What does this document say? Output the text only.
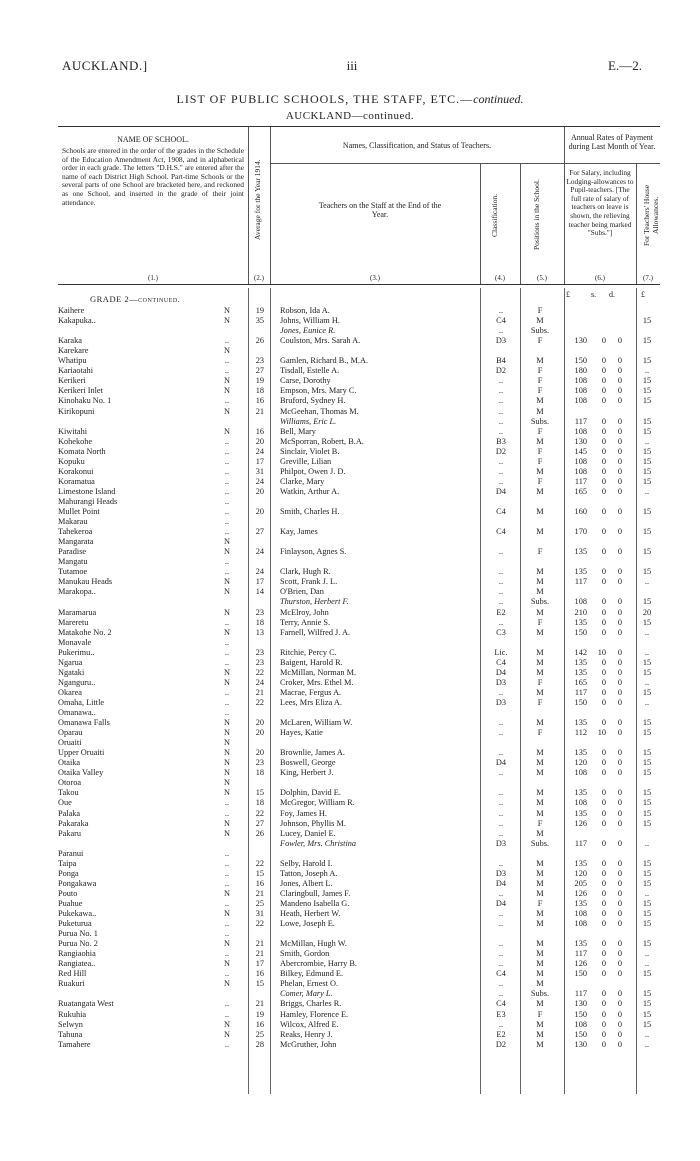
AUCKLAND.]	iii	E.—2.
LIST OF PUBLIC SCHOOLS, THE STAFF, ETC.—continued.
AUCKLAND—continued.
NAME OF SCHOOL.
Schools are entered in the order of the grades in the Schedule of the Education Amendment Act, 1908, and in alphabetical order in each grade. The letters "D.H.S." are entered after the name of each District High School. Part-time Schools or the several parts of one School are bracketed here, and reckoned as one School, and inserted in the grade of their joint attendance.
(1.)
Average for the Year 1914.
(2.)
Names, Classification, and Status of Teachers.
Teachers on the Staff at the End of the Year.
(3.)
Classification.
(4.)
Positions in the School.
(5.)
Annual Rates of Payment during Last Month of Year.
For Salary, including Lodging-allowances to Pupil-teachers. [The full rate of salary of teachers on leave is shown, the relieving teacher being marked "Subs."]
(6.)
For Teachers' House Allowances.
(7.)
GRADE 2—continued.	£	s. d.	£
Kaihere	N	19 Robson, Ida A.	..	F
Kakapuka..	N	35 Johns, William H.	C4	M	15
Jones, Eunice R.	..	Subs.
Karaka	..	26 Coulston, Mrs. Sarah A.	D3	F	130	0	0	15
Karekare	N
Whatipu	..	23 Gamlen, Richard B., M.A.	B4	M	150	0	0	15
Kariaotahi	..	27 Tisdall, Estelle A.	D2	F	180	0	0	..
Kerikeri	N	19 Carse, Dorothy	..	F	108	0	0	15
Kerikeri Inlet	N	18 Empson, Mrs. Mary C.	..	F	108	0	0	15
Kinohaku No. 1	..	16 Bruford, Sydney H.	..	M	108	0	0	15
Kirikopuni	N	21 McGeehan, Thomas M.	..	M
Williams, Eric L.	..	Subs.	117	0	0	15
Kiwitahi	N	16 Bell, Mary	..	F	108	0	0	15
Kohekohe	..	20 McSporran, Robert, B.A.	B3	M	130	0	0	..
Komata North	..	24 Sinclair, Violet B.	D2	F	145	0	0	15
Kopuku	..	17 Greville, Lilian	..	F	108	0	0	15
Korakonui	..	31 Philpot, Owen J. D.	..	M	108	0	0	15
Koramatua	..	24 Clarke, Mary	..	F	117	0	0	15
Limestone Island	..	20 Watkin, Arthur A.	D4	M	165	0	0	..
Mahurangi Heads	..
Mullet Point	..	20 Smith, Charles H.	C4	M	160	0	0	15
Makarau	..
Tahekeroa	..	27 Kay, James	C4	M	170	0	0	15
Mangarata	N
Paradise	N	24 Finlayson, Agnes S.	..	F	135	0	0	15
Mangatu	..
Tutamoe	..	24 Clark, Hugh R.	..	M	135	0	0	15
Manukau Heads	N	17 Scott, Frank J. L.	..	M	117	0	0	..
Marakopa..	N	14 O'Brien, Dan	..	M
Thurston, Herbert F.	..	Subs.	108	0	0	15
Maramarua	N	23 McElroy, John	E2	M	210	0	0	20
Mareretu	..	18 Terry, Annie S.	..	F	135	0	0	15
Matakohe No. 2	N	13 Farnell, Wilfred J. A.	C3	M	150	0	0	..
Monavale	..
Pukerimu..	..	23 Ritchie, Percy C.	Lic.	M	142	10	0	..
Ngarua	..	23 Baigent, Harold R.	C4	M	135	0	0	15
Ngataki	N	22 McMillan, Norman M.	D4	M	135	0	0	15
Nganguru..	N	24 Croker, Mrs. Ethel M.	D3	F	165	0	0	..
Okarea	..	21 Macrae, Fergus A.	..	M	117	0	0	15
Omaha, Little	..	22 Lees, Mrs Eliza A.	D3	F	150	0	0	..
Omanawa..	..
Omanawa Falls	N	20 McLaren, William W.	..	M	135	0	0	15
Oparau	N	20 Hayes, Katie	..	F	112	10	0	15
Oruaiti	N
Upper Oruaiti	N	20 Brownlie, James A.	..	M	135	0	0	15
Otaika	N	23 Boswell, George	D4	M	120	0	0	15
Otaika Valley	N	18 King, Herbert J.	..	M	108	0	0	15
Otoroa	N
Takou	N	15 Dolphin, David E.	..	M	135	0	0	15
Oue	..	18 McGregor, William R.	..	M	108	0	0	15
Palaka	..	22 Foy, James H.	..	M	135	0	0	15
Pakaraka	N	27 Johnson, Phyllis M.	..	F	126	0	0	15
Pakaru	N	26 Lucey, Daniel E.	..	M
Fowler, Mrs. Christina	D3	Subs.	117	0	0	..
Paranui	..
Taipa	..	22 Selby, Harold I.	..	M	135	0	0	15
Ponga	..	15 Tatton, Joseph A.	D3	M	120	0	0	15
Pongakawa	..	16 Jones, Albert L.	D4	M	205	0	0	15
Pouto	N	21 Claringbull, James F.	..	M	126	0	0	..
Puahue	..	25 Mandeno Isabella G.	D4	F	135	0	0	15
Pukekawa..	N	31 Heath, Herbert W.	..	M	108	0	0	15
Puketurua	..	22 Lowe, Joseph E.	..	M	108	0	0	15
Purua No. 1	..
Purua No. 2	N	21 McMillan, Hugh W.	..	M	135	0	0	15
Rangiaohia	..	21 Smith, Gordon	..	M	117	0	0	..
Rangiatea..	N	17 Abercrombie, Harry B.	..	M	126	0	0	..
Red Hill	..	16 Bilkey, Edmund E.	C4	M	150	0	0	15
Ruakuri	N	15 Phelan, Ernest O.	..	M
Comer, Mary L.	..	Subs.	117	0	0	15
Ruatangata West	..	21 Briggs, Charles R.	C4	M	130	0	0	15
Rukuhia	..	19 Hamley, Florence E.	E3	F	150	0	0	15
Selwyn	N	16 Wilcox, Alfred E.	..	M	108	0	0	15
Tahuna	N	25 Reaks, Henry J.	E2	M	150	0	0	..
Tamahere	..	28 McGruther, John	D2	M	130	0	0	..
